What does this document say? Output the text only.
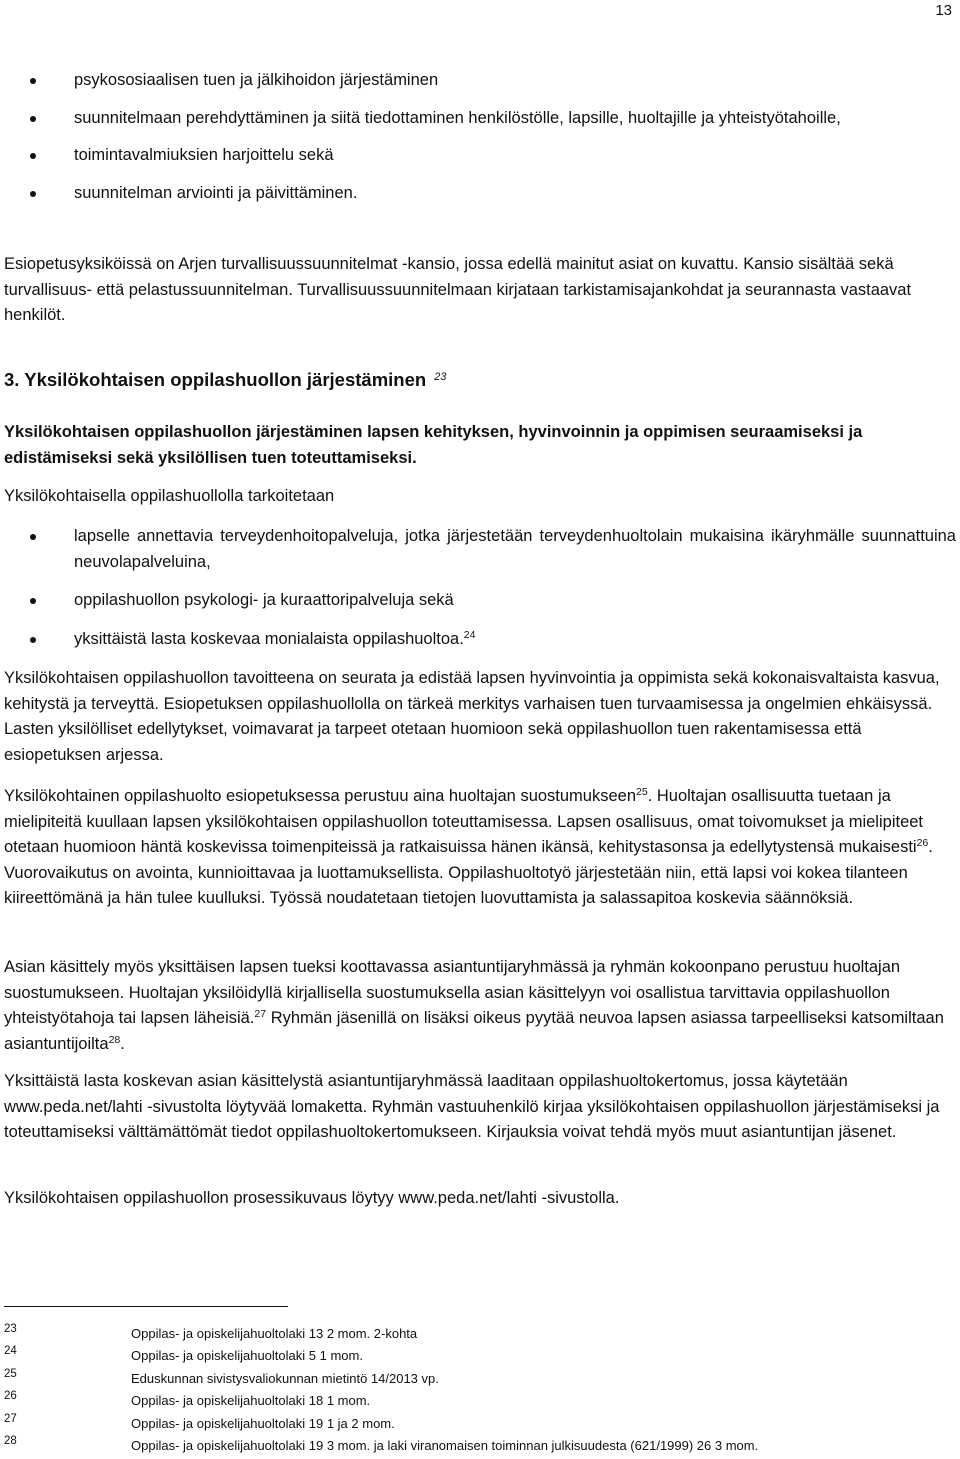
13
psykososiaalisen tuen ja jälkihoidon järjestäminen
suunnitelmaan perehdyttäminen ja siitä tiedottaminen henkilöstölle, lapsille, huoltajille ja yhteistyötahoille,
toimintavalmiuksien harjoittelu sekä
suunnitelman arviointi ja päivittäminen.

Esiopetusyksiköissä on Arjen turvallisuussuunnitelmat -kansio, jossa edellä mainitut asiat on kuvattu. Kansio sisältää sekä turvallisuus- että pelastussuunnitelman. Turvallisuussuunnitelmaan kirjataan tarkistamisajankohdat ja seurannasta vastaavat henkilöt.

3. Yksilökohtaisen oppilashuollon järjestäminen $^{23}$

Yksilökohtaisen oppilashuollon järjestäminen lapsen kehityksen, hyvinvoinnin ja oppimisen seuraamiseksi ja edistämiseksi sekä yksilöllisen tuen toteuttamiseksi.

Yksilökohtaisella oppilashuollolla tarkoitetaan

lapselle annettavia terveydenhoitopalveluja, jotka järjestetään terveydenhuoltolain mukaisina ikäryhmälle suunnattuina neuvolapalveluina,
oppilashuollon psykologi- ja kuraattoripalveluja sekä
yksittäistä lasta koskevaa monialaista oppilashuoltoa.$^{24}$

Yksilökohtaisen oppilashuollon tavoitteena on seurata ja edistää lapsen hyvinvointia ja oppimista sekä kokonaisvaltaista kasvua, kehitystä ja terveyttä. Esiopetuksen oppilashuollolla on tärkeä merkitys varhaisen tuen turvaamisessa ja ongelmien ehkäisyssä. Lasten yksilölliset edellytykset, voimavarat ja tarpeet otetaan huomioon sekä oppilashuollon tuen rakentamisessa että esiopetuksen arjessa.

Yksilökohtainen oppilashuolto esiopetuksessa perustuu aina huoltajan suostumukseen$^{25}$. Huoltajan osallisuutta tuetaan ja mielipiteitä kuullaan lapsen yksilökohtaisen oppilashuollon toteuttamisessa. Lapsen osallisuus, omat toivomukset ja mielipiteet otetaan huomioon häntä koskevissa toimenpiteissä ja ratkaisuissa hänen ikänsä, kehitystasonsa ja edellytystensä mukaisesti$^{26}$. Vuorovaikutus on avointa, kunnioittavaa ja luottamuksellista. Oppilashuoltotyö järjestetään niin, että lapsi voi kokea tilanteen kiireettömänä ja hän tulee kuulluksi. Työssä noudatetaan tietojen luovuttamista ja salassapitoa koskevia säännöksiä.

Asian käsittely myös yksittäisen lapsen tueksi koottavassa asiantuntijaryhmässä ja ryhmän kokoonpano perustuu huoltajan suostumukseen. Huoltajan yksilöidyllä kirjallisella suostumuksella asian käsittelyyn voi osallistua tarvittavia oppilashuollon yhteistyötahoja tai lapsen läheisiä.$^{27}$ Ryhmän jäsenillä on lisäksi oikeus pyytää neuvoa lapsen asiassa tarpeelliseksi katsomiltaan asiantuntijoilta$^{28}$.

Yksittäistä lasta koskevan asian käsittelystä asiantuntijaryhmässä laaditaan oppilashuoltokertomus, jossa käytetään www.peda.net/lahti -sivustolta löytyvää lomaketta. Ryhmän vastuuhenkilö kirjaa yksilökohtaisen oppilashuollon järjestämiseksi ja toteuttamiseksi välttämättömät tiedot oppilashuoltokertomukseen. Kirjauksia voivat tehdä myös muut asiantuntijan jäsenet.

Yksilökohtaisen oppilashuollon prosessikuvaus löytyy www.peda.net/lahti -sivustolla.

23	Oppilas- ja opiskelijahuoltolaki 13 2 mom. 2-kohta
24	Oppilas- ja opiskelijahuoltolaki 5 1 mom.
25	Eduskunnan sivistysvaliokunnan mietintö 14/2013 vp.
26	Oppilas- ja opiskelijahuoltolaki 18 1 mom.
27	Oppilas- ja opiskelijahuoltolaki 19 1 ja 2 mom.
28	Oppilas- ja opiskelijahuoltolaki 19 3 mom. ja laki viranomaisen toiminnan julkisuudesta (621/1999) 26 3 mom.
